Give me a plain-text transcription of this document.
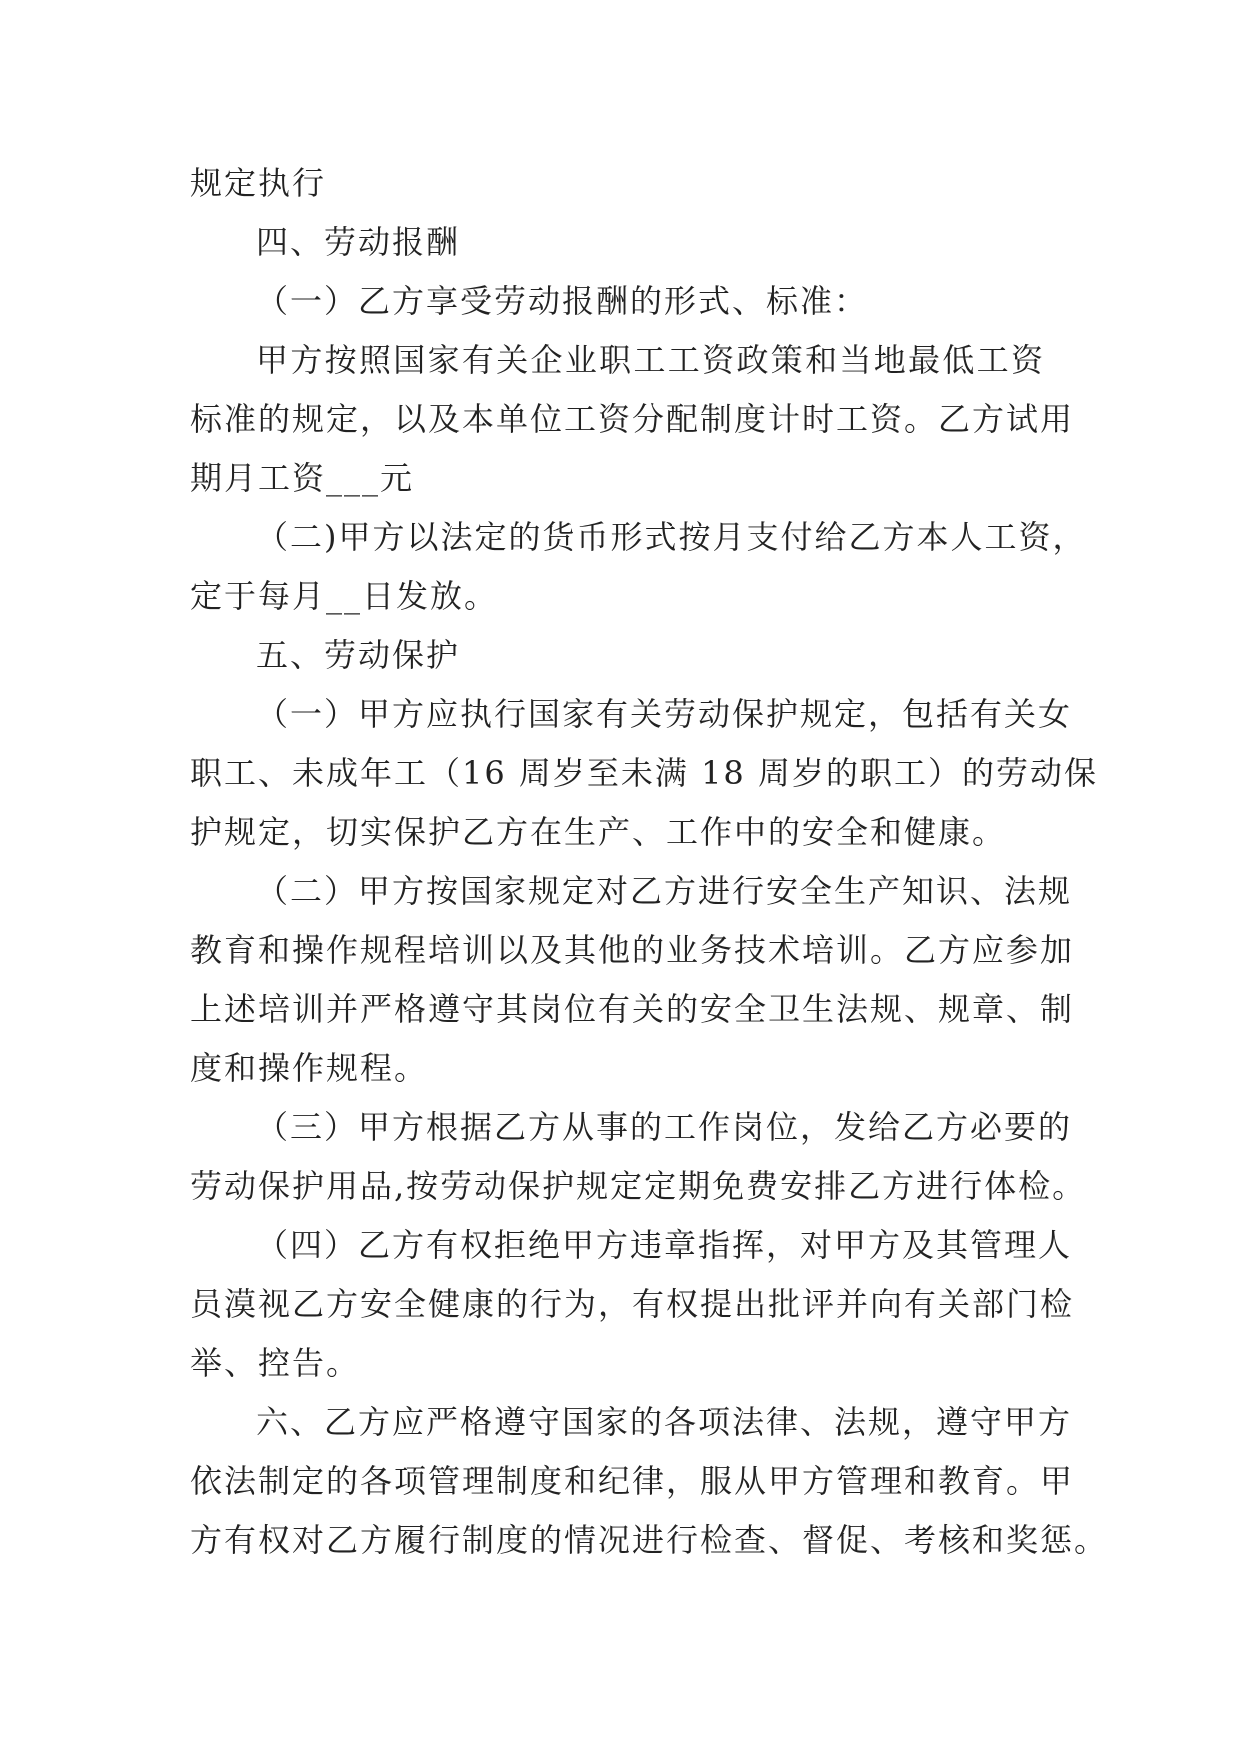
规定执行
四、劳动报酬
（一）乙方享受劳动报酬的形式、标准：
甲方按照国家有关企业职工工资政策和当地最低工资
标准的规定，以及本单位工资分配制度计时工资。乙方试用
期月工资___元
（二)甲方以法定的货币形式按月支付给乙方本人工资，
定于每月__日发放。
五、劳动保护
（一）甲方应执行国家有关劳动保护规定，包括有关女
职工、未成年工（16 周岁至未满 18 周岁的职工）的劳动保
护规定，切实保护乙方在生产、工作中的安全和健康。
（二）甲方按国家规定对乙方进行安全生产知识、法规
教育和操作规程培训以及其他的业务技术培训。乙方应参加
上述培训并严格遵守其岗位有关的安全卫生法规、规章、制
度和操作规程。
（三）甲方根据乙方从事的工作岗位，发给乙方必要的
劳动保护用品,按劳动保护规定定期免费安排乙方进行体检。
（四）乙方有权拒绝甲方违章指挥，对甲方及其管理人
员漠视乙方安全健康的行为，有权提出批评并向有关部门检
举、控告。
六、乙方应严格遵守国家的各项法律、法规，遵守甲方
依法制定的各项管理制度和纪律，服从甲方管理和教育。甲
方有权对乙方履行制度的情况进行检查、督促、考核和奖惩。
